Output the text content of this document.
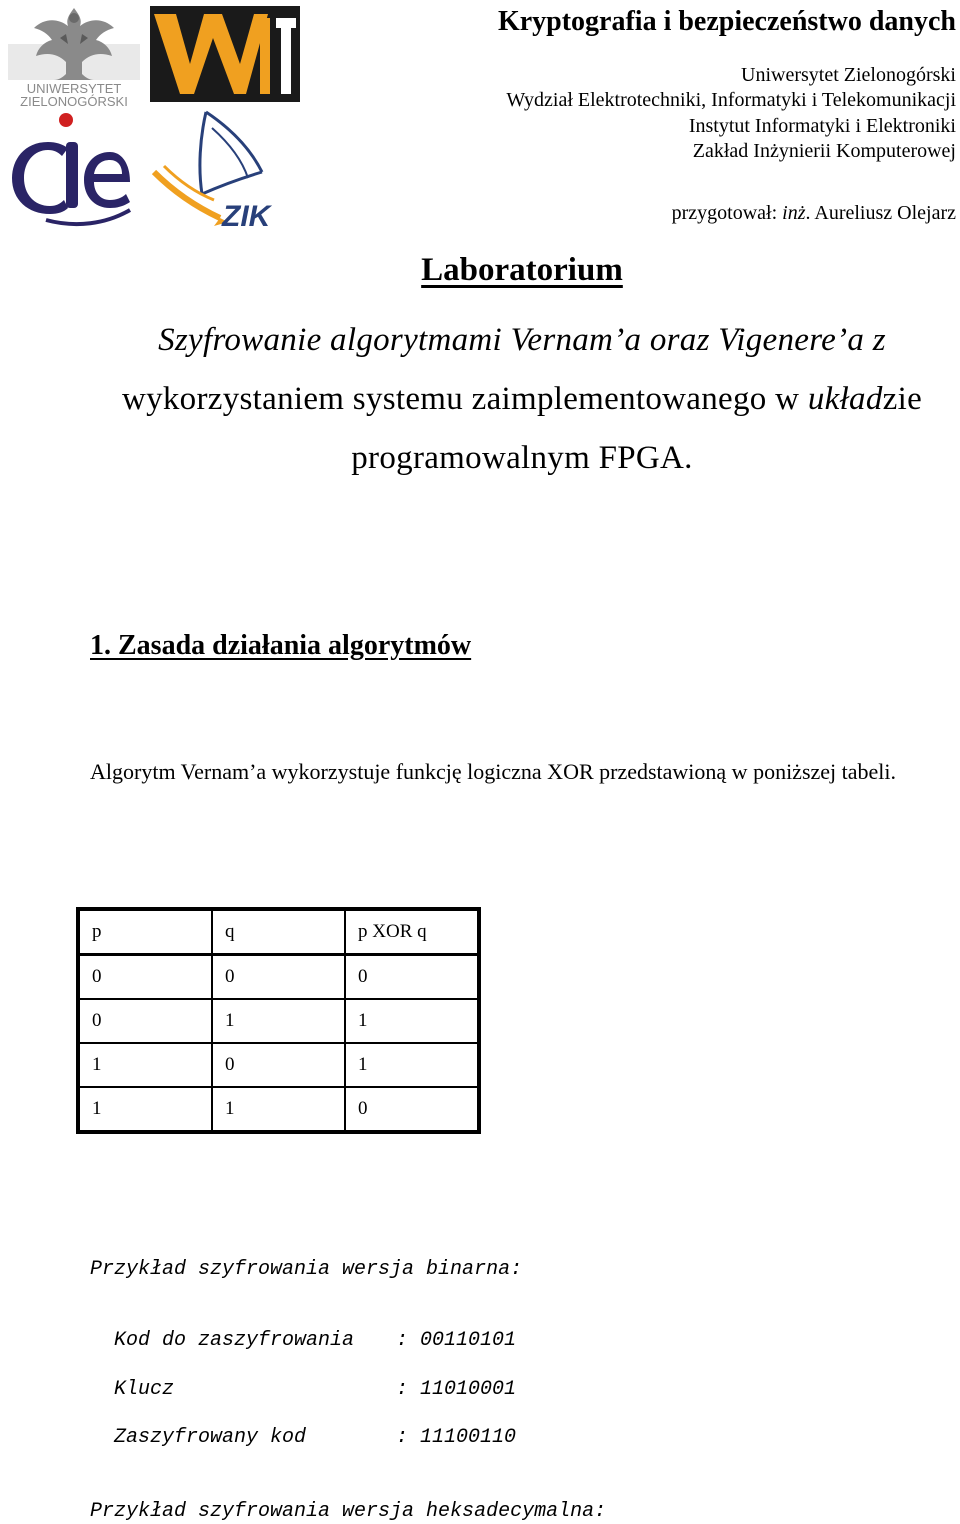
UNIWERSYTET
ZIELONOGÓRSKI
cie
ZIK
Kryptografia i bezpieczeństwo danych
Uniwersytet Zielonogórski
Wydział Elektrotechniki, Informatyki i Telekomunikacji
Instytut Informatyki i Elektroniki
Zakład Inżynierii Komputerowej
przygotował: inż. Aureliusz Olejarz
Laboratorium
Szyfrowanie algorytmami Vernam’a oraz Vigenere’a z
wykorzystaniem systemu zaimplementowanego w układzie
programowalnym FPGA.
1. Zasada działania algorytmów
Algorytm Vernam’a wykorzystuje funkcję logiczna XOR przedstawioną w poniższej tabeli.
p	q	p XOR q
0	0	0
0	1	1
1	0	1
1	1	0
Przykład szyfrowania wersja binarna:

Kod do zaszyfrowania : 00110101

Klucz	: 11010001

Zaszyfrowany kod	: 11100110

Przykład szyfrowania wersja heksadecymalna:
